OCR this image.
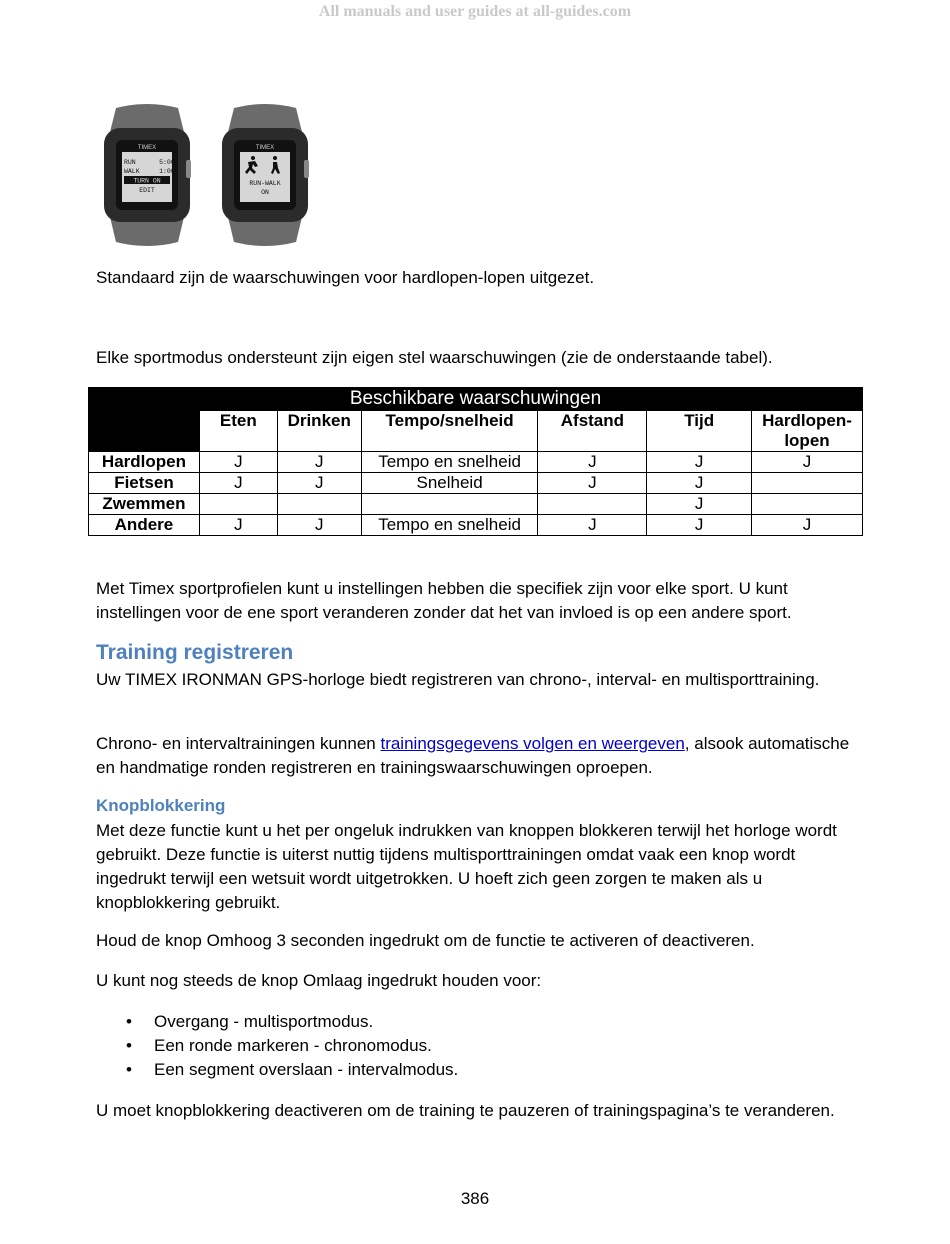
All manuals and user guides at all-guides.com
TIMEX
RUN      5:00
WALK     1:00
TURN ON
EDIT
TIMEX
RUN-WALK
ON
Standaard zijn de waarschuwingen voor hardlopen-lopen uitgezet.
Elke sportmodus ondersteunt zijn eigen stel waarschuwingen (zie de onderstaande tabel).
Beschikbare waarschuwingen						
	Eten	Drinken	Tempo/snelheid	Afstand	Tijd	Hardlopen-lopen
Hardlopen	J	J	Tempo en snelheid	J	J	J
Fietsen	J	J	Snelheid	J	J	
Zwemmen					J	
Andere	J	J	Tempo en snelheid	J	J	J
Met Timex sportprofielen kunt u instellingen hebben die specifiek zijn voor elke sport. U kunt instellingen voor de ene sport veranderen zonder dat het van invloed is op een andere sport.
Training registreren
Uw TIMEX IRONMAN GPS-horloge biedt registreren van chrono-, interval- en multisporttraining.
Chrono- en intervaltrainingen kunnen trainingsgegevens volgen en weergeven, alsook automatische en handmatige ronden registreren en trainingswaarschuwingen oproepen.
Knopblokkering
Met deze functie kunt u het per ongeluk indrukken van knoppen blokkeren terwijl het horloge wordt gebruikt. Deze functie is uiterst nuttig tijdens multisporttrainingen omdat vaak een knop wordt ingedrukt terwijl een wetsuit wordt uitgetrokken. U hoeft zich geen zorgen te maken als u knopblokkering gebruikt.
Houd de knop Omhoog 3 seconden ingedrukt om de functie te activeren of deactiveren.
U kunt nog steeds de knop Omlaag ingedrukt houden voor:
• Overgang - multisportmodus.
• Een ronde markeren - chronomodus.
• Een segment overslaan - intervalmodus.
U moet knopblokkering deactiveren om de training te pauzeren of trainingspagina’s te veranderen.
386
